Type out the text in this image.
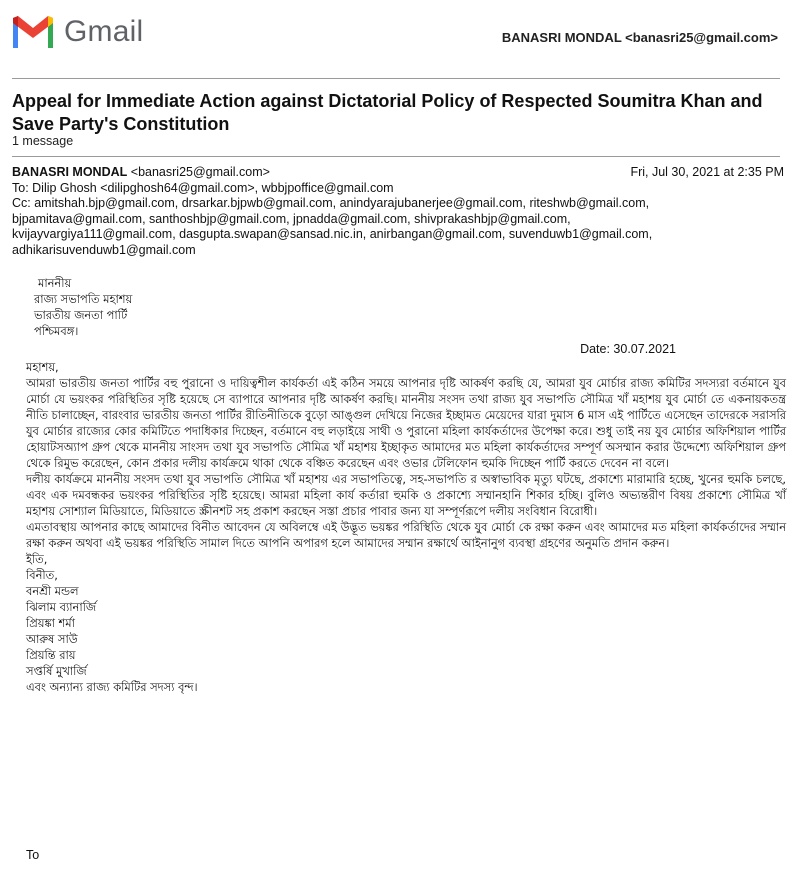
Gmail	BANASRI MONDAL <banasri25@gmail.com>
Appeal for Immediate Action against Dictatorial Policy of Respected Soumitra Khan and Save Party's Constitution
1 message
BANASRI MONDAL <banasri25@gmail.com>	Fri, Jul 30, 2021 at 2:35 PM
To: Dilip Ghosh <dilipghosh64@gmail.com>, wbbjpoffice@gmail.com
Cc: amitshah.bjp@gmail.com, drsarkar.bjpwb@gmail.com, anindyarajubanerjee@gmail.com, riteshwb@gmail.com,
bjpamitava@gmail.com, santhoshbjp@gmail.com, jpnadda@gmail.com, shivprakashbjp@gmail.com,
kvijayvargiya111@gmail.com, dasgupta.swapan@sansad.nic.in, anirbangan@gmail.com, suvenduwb1@gmail.com,
adhikarisuvenduwb1@gmail.com
মাননীয়
রাজ্য সভাপতি মহাশয়
ভারতীয় জনতা পার্টি
পশ্চিমবঙ্গ।
Date: 30.07.2021
মহাশয়,

আমরা ভারতীয় জনতা পার্টির বহু পুরানো ও দায়িত্বশীল কার্যকর্তা এই কঠিন সময়ে আপনার দৃষ্টি আকর্ষণ করছি যে, আমরা যুব মোর্চার রাজ্য কমিটির সদস্যরা বর্তমানে যুব মোর্চা যে ভয়ংকর পরিস্থিতির সৃষ্টি হয়েছে সে ব্যাপারে আপনার দৃষ্টি আকর্ষণ করছি। মাননীয় সংসদ তথা রাজ্য যুব সভাপতি সৌমিত্র খাঁ মহাশয় যুব মোর্চা তে একনায়কতন্ত্র নীতি চালাচ্ছেন, বারংবার ভারতীয় জনতা পার্টির রীতিনীতিকে বুড়ো আঙ্গুল দেখিয়ে নিজের ইচ্ছামত মেয়েদের যারা দুমাস 6 মাস এই পার্টিতে এসেছেন তাদেরকে সরাসরি যুব মোর্চার রাজ্যের কোর কমিটিতে পদাধিকার দিচ্ছেন, বর্তমানে বহু লড়াইয়ে সাথী ও পুরানো মহিলা কার্যকর্তাদের উপেক্ষা করে। শুধু তাই নয় যুব মোর্চার অফিশিয়াল পার্টির হোয়াটসঅ্যাপ গ্রুপ থেকে মাননীয় সাংসদ তথা যুব সভাপতি সৌমিত্র খাঁ মহাশয় ইচ্ছাকৃত আমাদের মত মহিলা কার্যকর্তাদের সম্পূর্ণ অসম্মান করার উদ্দেশ্যে অফিশিয়াল গ্রুপ থেকে রিমুভ করেছেন, কোন প্রকার দলীয় কার্যক্রমে থাকা থেকে বঞ্চিত করেছেন এবং ওভার টেলিফোন হুমকি দিচ্ছেন পার্টি করতে দেবেন না বলে।

দলীয় কার্যক্রমে মাননীয় সংসদ তথা যুব সভাপতি সৌমিত্র খাঁ মহাশয় এর সভাপতিত্বে, সহ-সভাপতি র অস্বাভাবিক মৃত্যু ঘটছে, প্রকাশ্যে মারামারি হচ্ছে, খুনের হুমকি চলছে, এবং এক দমবন্ধকর ভয়ংকর পরিস্থিতির সৃষ্টি হয়েছে। আমরা মহিলা কার্য কর্তারা হুমকি ও প্রকাশ্যে সম্মানহানি শিকার হচ্ছি। বুলিও অভ্যন্তরীণ বিষয় প্রকাশ্যে সৌমিত্র খাঁ মহাশয় সোশ্যাল মিডিয়াতে, মিডিয়াতে স্ক্রীনশট সহ প্রকাশ করছেন সস্তা প্রচার পাবার জন্য যা সম্পূর্ণরূপে দলীয় সংবিধান বিরোধী।

এমতাবস্থায় আপনার কাছে আমাদের বিনীত আবেদন যে অবিলম্বে এই উদ্ভূত ভয়ঙ্কর পরিস্থিতি থেকে যুব মোর্চা কে রক্ষা করুন এবং আমাদের মত মহিলা কার্যকর্তাদের সম্মান রক্ষা করুন অথবা এই ভয়ঙ্কর পরিস্থিতি সামাল দিতে আপনি অপারগ হলে আমাদের সম্মান রক্ষার্থে আইনানুগ ব্যবস্থা গ্রহণের অনুমতি প্রদান করুন।

ইতি,
বিনীত,
বনশ্রী মন্ডল
ঝিলাম ব্যানার্জি
প্রিয়ঙ্কা শর্মা
আরুষ সাউ
প্রিয়ন্তি রায়
সপ্তর্ষি মুখার্জি
এবং অন্যান্য রাজ্য কমিটির সদস্য বৃন্দ।
To
